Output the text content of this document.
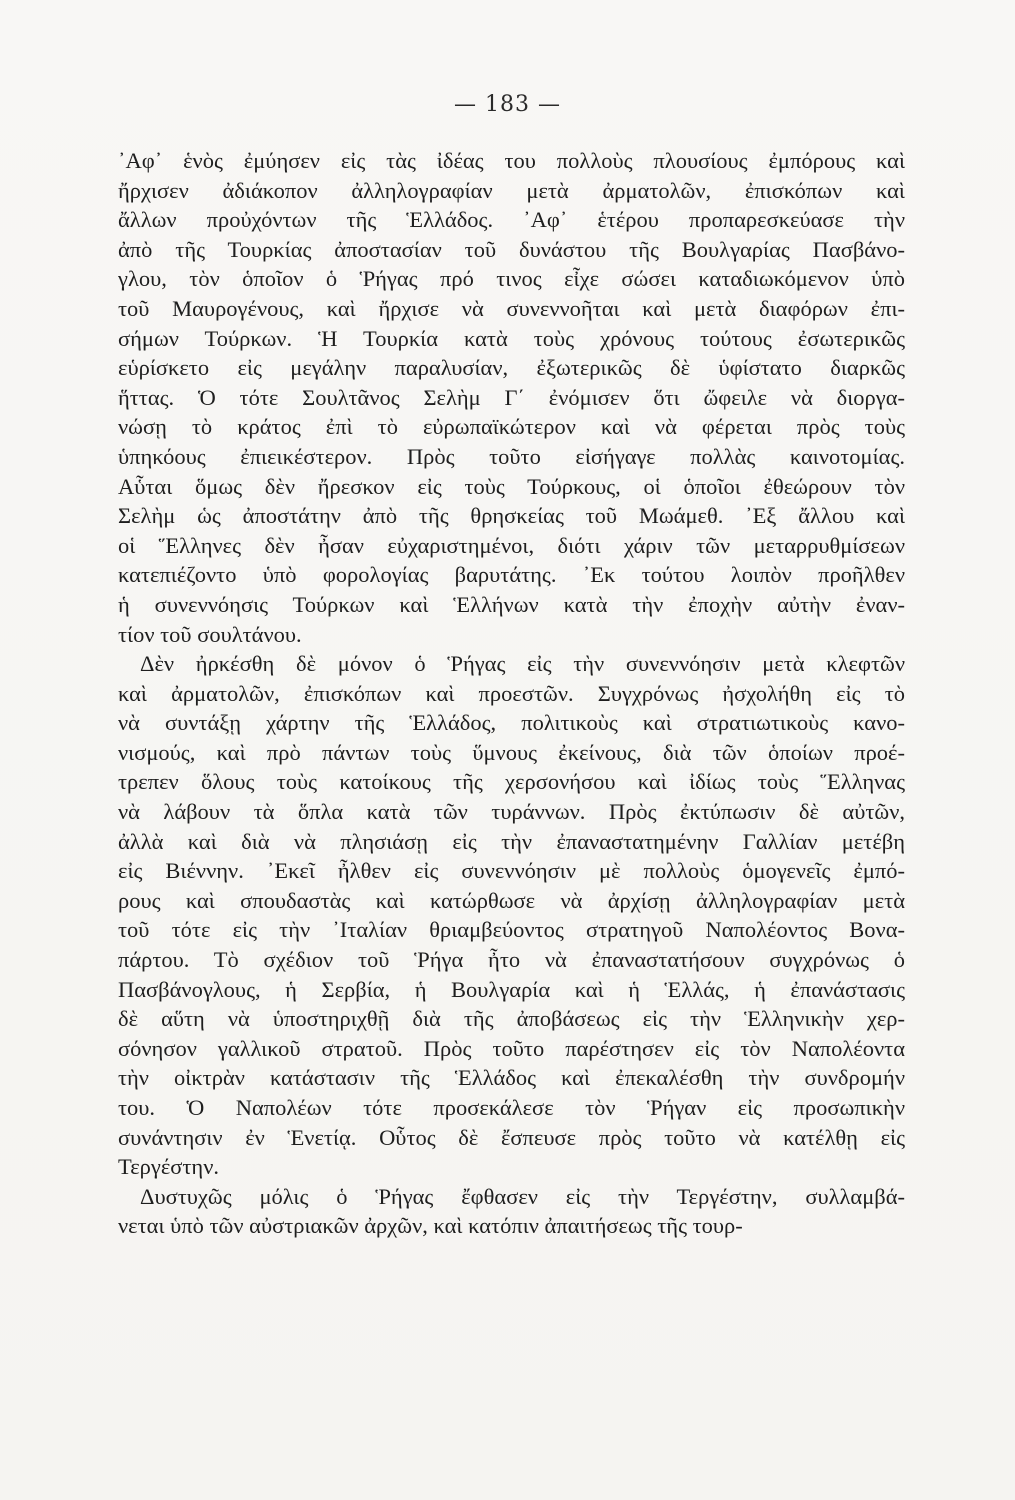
— 183 —
᾿Αφ᾿ ἑνὸς ἐμύησεν εἰς τὰς ἰδέας του πολλοὺς πλουσίους ἐμπόρους καὶ
ἤρχισεν ἀδιάκοπον ἀλληλογραφίαν μετὰ ἀρματολῶν, ἐπισκόπων καὶ
ἄλλων προὐχόντων τῆς Ἑλλάδος. ᾿Αφ᾿ ἑτέρου προπαρεσκεύασε τὴν
ἀπὸ τῆς Τουρκίας ἀποστασίαν τοῦ δυνάστου τῆς Βουλγαρίας Πασβάνο-
γλου, τὸν ὁποῖον ὁ Ῥήγας πρό τινος εἶχε σώσει καταδιωκόμενον ὑπὸ
τοῦ Μαυρογένους, καὶ ἤρχισε νὰ συνεννοῆται καὶ μετὰ διαφόρων ἐπι-
σήμων Τούρκων. Ἡ Τουρκία κατὰ τοὺς χρόνους τούτους ἐσωτερικῶς
εὑρίσκετο εἰς μεγάλην παραλυσίαν, ἐξωτερικῶς δὲ ὑφίστατο διαρκῶς
ἥττας. Ὁ τότε Σουλτᾶνος Σελὴμ Γ΄ ἐνόμισεν ὅτι ὤφειλε νὰ διοργα-
νώσῃ τὸ κράτος ἐπὶ τὸ εὐρωπαϊκώτερον καὶ νὰ φέρεται πρὸς τοὺς
ὑπηκόους ἐπιεικέστερον. Πρὸς τοῦτο εἰσήγαγε πολλὰς καινοτομίας.
Αὗται ὅμως δὲν ἤρεσκον εἰς τοὺς Τούρκους, οἱ ὁποῖοι ἐθεώρουν τὸν
Σελὴμ ὡς ἀποστάτην ἀπὸ τῆς θρησκείας τοῦ Μωάμεθ. ᾿Εξ ἄλλου καὶ
οἱ Ἕλληνες δὲν ἦσαν εὐχαριστημένοι, διότι χάριν τῶν μεταρρυθμίσεων
κατεπιέζοντο ὑπὸ φορολογίας βαρυτάτης. ᾿Εκ τούτου λοιπὸν προῆλθεν
ἡ συνεννόησις Τούρκων καὶ Ἑλλήνων κατὰ τὴν ἐποχὴν αὐτὴν ἐναν-
τίον τοῦ σουλτάνου.
Δὲν ἠρκέσθη δὲ μόνον ὁ Ῥήγας εἰς τὴν συνεννόησιν μετὰ κλεφτῶν
καὶ ἀρματολῶν, ἐπισκόπων καὶ προεστῶν. Συγχρόνως ἠσχολήθη εἰς τὸ
νὰ συντάξῃ χάρτην τῆς Ἑλλάδος, πολιτικοὺς καὶ στρατιωτικοὺς κανο-
νισμούς, καὶ πρὸ πάντων τοὺς ὕμνους ἐκείνους, διὰ τῶν ὁποίων προέ-
τρεπεν ὅλους τοὺς κατοίκους τῆς χερσονήσου καὶ ἰδίως τοὺς Ἕλληνας
νὰ λάβουν τὰ ὅπλα κατὰ τῶν τυράννων. Πρὸς ἐκτύπωσιν δὲ αὐτῶν,
ἀλλὰ καὶ διὰ νὰ πλησιάσῃ εἰς τὴν ἐπαναστατημένην Γαλλίαν μετέβη
εἰς Βιέννην. ᾿Εκεῖ ἦλθεν εἰς συνεννόησιν μὲ πολλοὺς ὁμογενεῖς ἐμπό-
ρους καὶ σπουδαστὰς καὶ κατώρθωσε νὰ ἀρχίσῃ ἀλληλογραφίαν μετὰ
τοῦ τότε εἰς τὴν ᾿Ιταλίαν θριαμβεύοντος στρατηγοῦ Ναπολέοντος Βονα-
πάρτου. Τὸ σχέδιον τοῦ Ῥήγα ἦτο νὰ ἐπαναστατήσουν συγχρόνως ὁ
Πασβάνογλους, ἡ Σερβία, ἡ Βουλγαρία καὶ ἡ Ἑλλάς, ἡ ἐπανάστασις
δὲ αὕτη νὰ ὑποστηριχθῇ διὰ τῆς ἀποβάσεως εἰς τὴν Ἑλληνικὴν χερ-
σόνησον γαλλικοῦ στρατοῦ. Πρὸς τοῦτο παρέστησεν εἰς τὸν Ναπολέοντα
τὴν οἰκτρὰν κατάστασιν τῆς Ἑλλάδος καὶ ἐπεκαλέσθη τὴν συνδρομήν
του. Ὁ Ναπολέων τότε προσεκάλεσε τὸν Ῥήγαν εἰς προσωπικὴν
συνάντησιν ἐν Ἑνετίᾳ. Οὗτος δὲ ἔσπευσε πρὸς τοῦτο νὰ κατέλθῃ εἰς
Τεργέστην.
Δυστυχῶς μόλις ὁ Ῥήγας ἔφθασεν εἰς τὴν Τεργέστην, συλλαμβά-
νεται ὑπὸ τῶν αὐστριακῶν ἀρχῶν, καὶ κατόπιν ἀπαιτήσεως τῆς τουρ-
